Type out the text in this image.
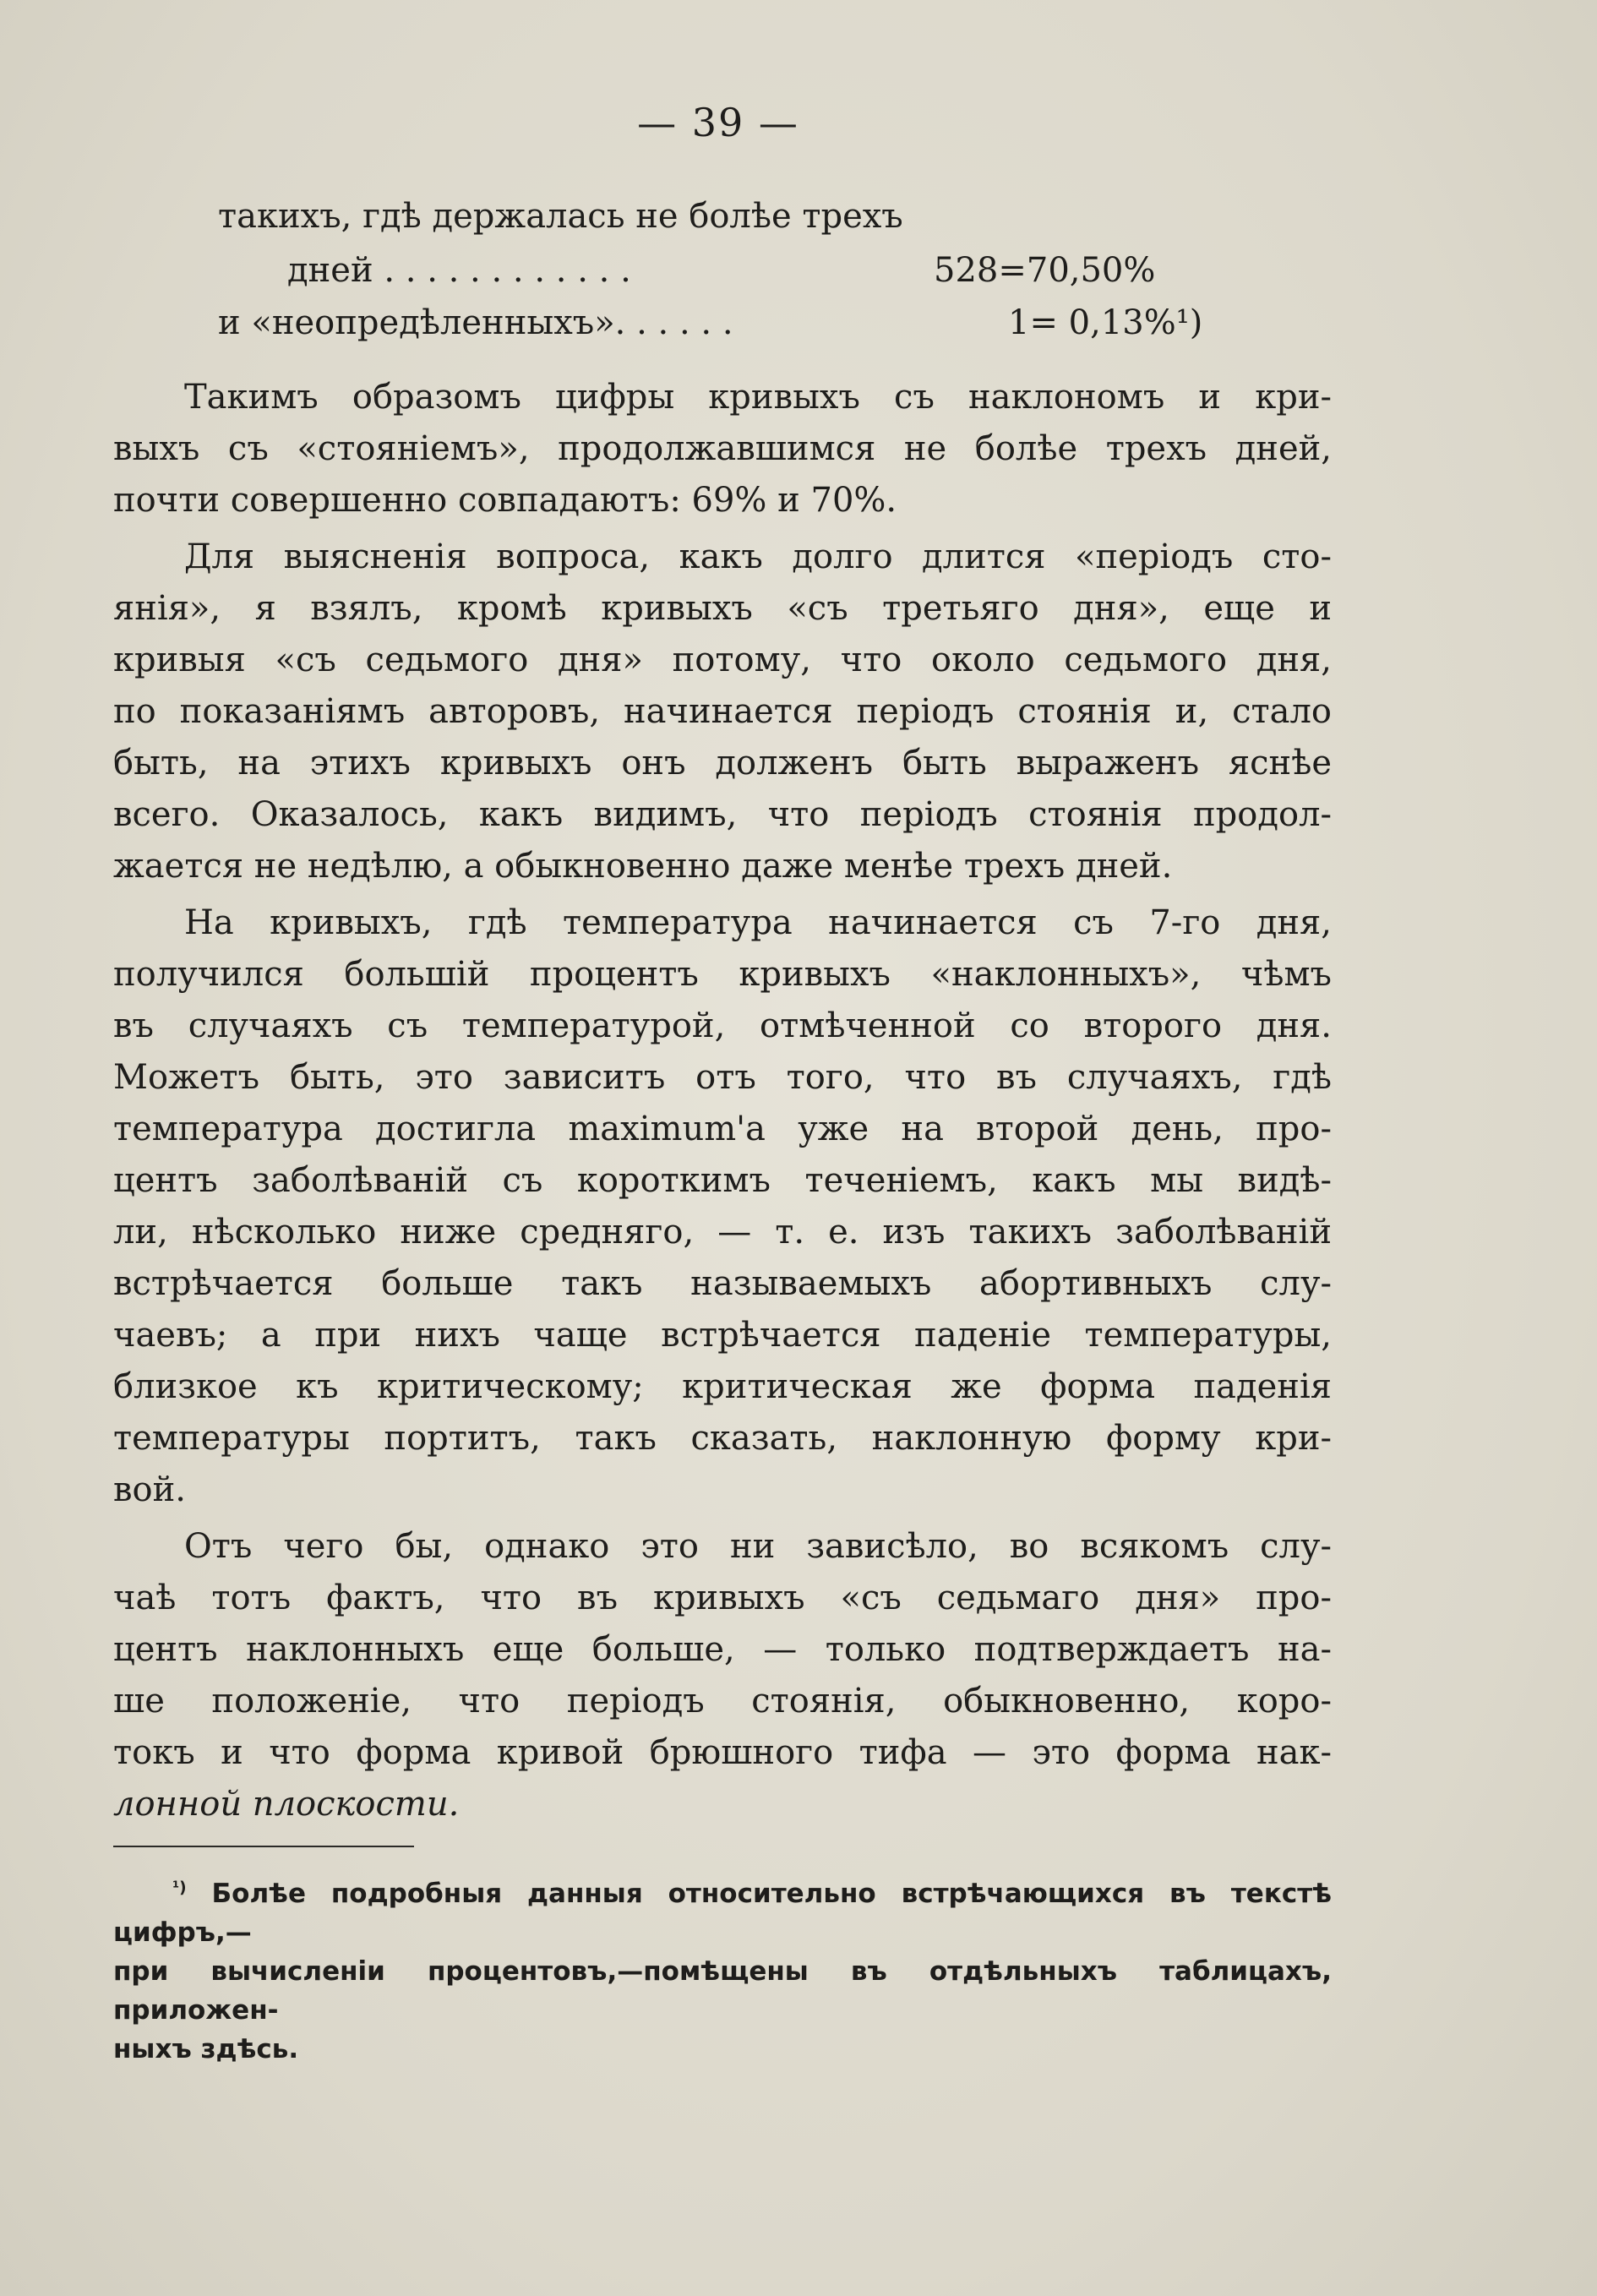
— 39 —
такихъ, гдѣ держалась не болѣе трехъ
дней . . . . . . . . . . . .	528=70,50%
и «неопредѣленныхъ». . . . . .	1= 0,13%¹)
Такимъ образомъ цифры кривыхъ съ наклономъ и кри-
выхъ съ «стояніемъ», продолжавшимся не болѣе трехъ дней,
почти совершенно совпадаютъ: 69% и 70%.
Для выясненія вопроса, какъ долго длится «періодъ сто-
янія», я взялъ, кромѣ кривыхъ «съ третьяго дня», еще и
кривыя «съ седьмого дня» потому, что около седьмого дня,
по показаніямъ авторовъ, начинается періодъ стоянія и, стало
быть, на этихъ кривыхъ онъ долженъ быть выраженъ яснѣе
всего. Оказалось, какъ видимъ, что періодъ стоянія продол-
жается не недѣлю, а обыкновенно даже менѣе трехъ дней.
На кривыхъ, гдѣ температура начинается съ 7-го дня,
получился большій процентъ кривыхъ «наклонныхъ», чѣмъ
въ случаяхъ съ температурой, отмѣченной со второго дня.
Можетъ быть, это зависитъ отъ того, что въ случаяхъ, гдѣ
температура достигла maximum'а уже на второй день, про-
центъ заболѣваній съ короткимъ теченіемъ, какъ мы видѣ-
ли, нѣсколько ниже средняго, — т. е. изъ такихъ заболѣваній
встрѣчается больше такъ называемыхъ абортивныхъ слу-
чаевъ; а при нихъ чаще встрѣчается паденіе температуры,
близкое къ критическому; критическая же форма паденія
температуры портитъ, такъ сказать, наклонную форму кри-
вой.
Отъ чего бы, однако это ни зависѣло, во всякомъ слу-
чаѣ тотъ фактъ, что въ кривыхъ «съ седьмаго дня» про-
центъ наклонныхъ еще больше, — только подтверждаетъ на-
ше положеніе, что періодъ стоянія, обыкновенно, коро-
токъ и что форма кривой брюшного тифа — это форма нак-
лонной плоскости.
$^{^1)}$ Болѣе подробныя данныя относительно встрѣчающихся въ текстѣ цифръ,—
при вычисленіи процентовъ,—помѣщены въ отдѣльныхъ таблицахъ, приложен-
ныхъ здѣсь.
